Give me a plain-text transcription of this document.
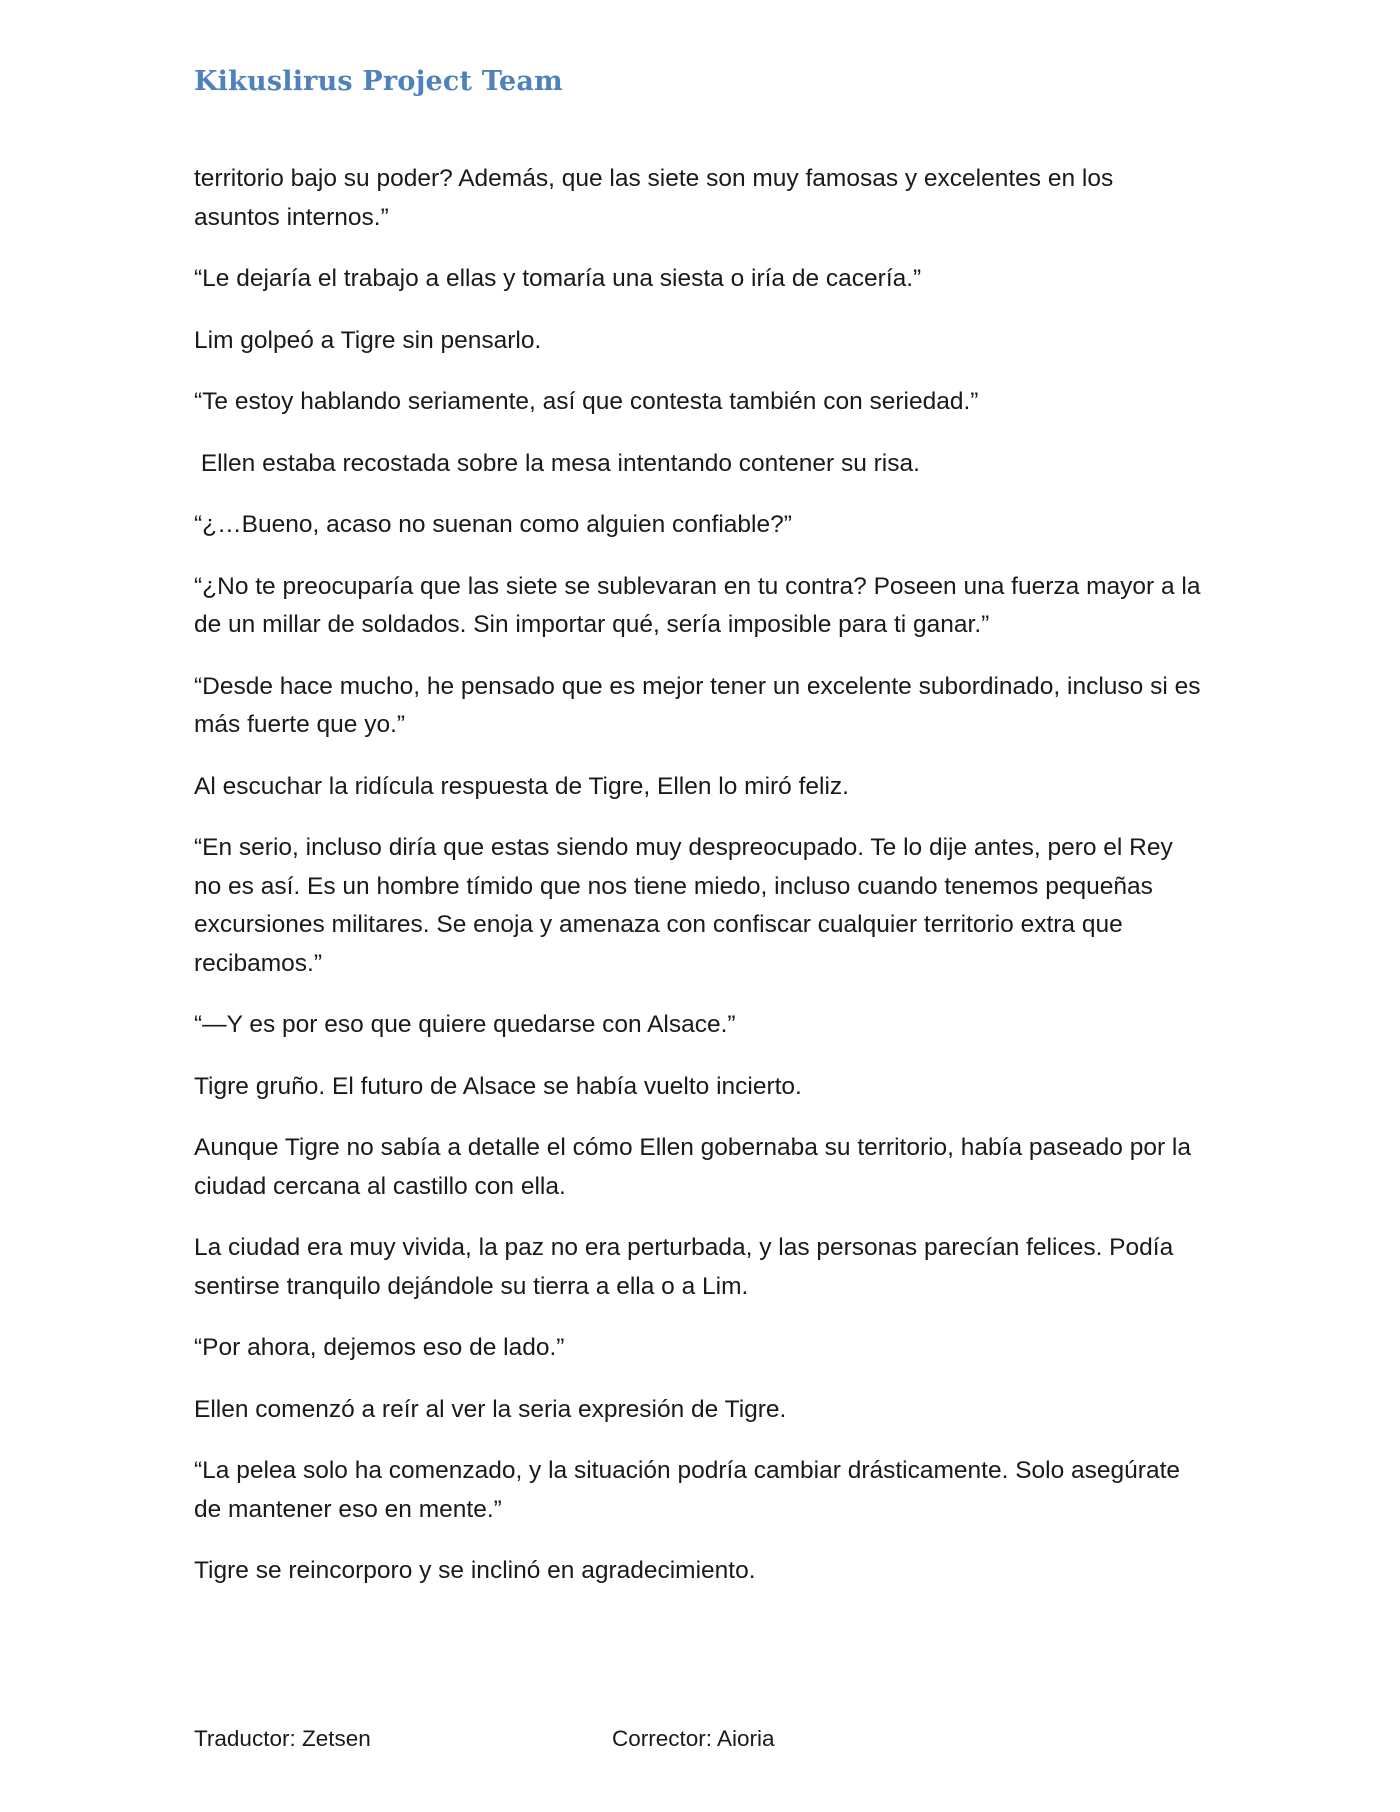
Kikuslirus Project Team

territorio bajo su poder? Además, que las siete son muy famosas y excelentes en los asuntos internos.”

“Le dejaría el trabajo a ellas y tomaría una siesta o iría de cacería.”

Lim golpeó a Tigre sin pensarlo.

“Te estoy hablando seriamente, así que contesta también con seriedad.”

Ellen estaba recostada sobre la mesa intentando contener su risa.

“¿…Bueno, acaso no suenan como alguien confiable?”

“¿No te preocuparía que las siete se sublevaran en tu contra? Poseen una fuerza mayor a la de un millar de soldados. Sin importar qué, sería imposible para ti ganar.”

“Desde hace mucho, he pensado que es mejor tener un excelente subordinado, incluso si es más fuerte que yo.”

Al escuchar la ridícula respuesta de Tigre, Ellen lo miró feliz.

“En serio, incluso diría que estas siendo muy despreocupado. Te lo dije antes, pero el Rey no es así. Es un hombre tímido que nos tiene miedo, incluso cuando tenemos pequeñas excursiones militares. Se enoja y amenaza con confiscar cualquier territorio extra que recibamos.”

“—Y es por eso que quiere quedarse con Alsace.”

Tigre gruño. El futuro de Alsace se había vuelto incierto.

Aunque Tigre no sabía a detalle el cómo Ellen gobernaba su territorio, había paseado por la ciudad cercana al castillo con ella.

La ciudad era muy vivida, la paz no era perturbada, y las personas parecían felices. Podía sentirse tranquilo dejándole su tierra a ella o a Lim.

“Por ahora, dejemos eso de lado.”

Ellen comenzó a reír al ver la seria expresión de Tigre.

“La pelea solo ha comenzado, y la situación podría cambiar drásticamente. Solo asegúrate de mantener eso en mente.”

Tigre se reincorporo y se inclinó en agradecimiento.

Traductor: Zetsen	Corrector: Aioria
